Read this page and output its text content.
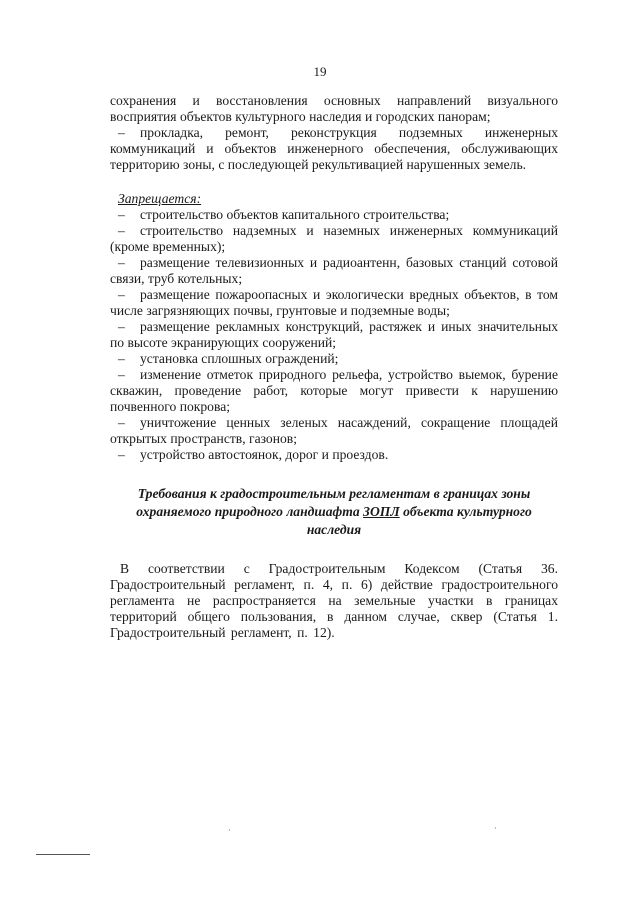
19

сохранения и восстановления основных направлений визуального восприятия объектов культурного наследия и городских панорам;

– прокладка, ремонт, реконструкция подземных инженерных коммуникаций и объектов инженерного обеспечения, обслуживающих территорию зоны, с последующей рекультивацией нарушенных земель.

Запрещается:

– строительство объектов капитального строительства;

– строительство надземных и наземных инженерных коммуникаций (кроме временных);

– размещение телевизионных и радиоантенн, базовых станций сотовой связи, труб котельных;

– размещение пожароопасных и экологически вредных объектов, в том числе загрязняющих почвы, грунтовые и подземные воды;

– размещение рекламных конструкций, растяжек и иных значительных по высоте экранирующих сооружений;

– установка сплошных ограждений;

– изменение отметок природного рельефа, устройство выемок, бурение скважин, проведение работ, которые могут привести к нарушению почвенного покрова;

– уничтожение ценных зеленых насаждений, сокращение площадей открытых пространств, газонов;

– устройство автостоянок, дорог и проездов.

Требования к градостроительным регламентам в границах зоны
охраняемого природного ландшафта ЗОПЛ объекта культурного наследия

В соответствии с Градостроительным Кодексом (Статья 36. Градостроительный регламент, п. 4, п. 6) действие градостроительного регламента не распространяется на земельные участки в границах территорий общего пользования, в данном случае, сквер (Статья 1. Градостроительный регламент, п. 12).

·	·
